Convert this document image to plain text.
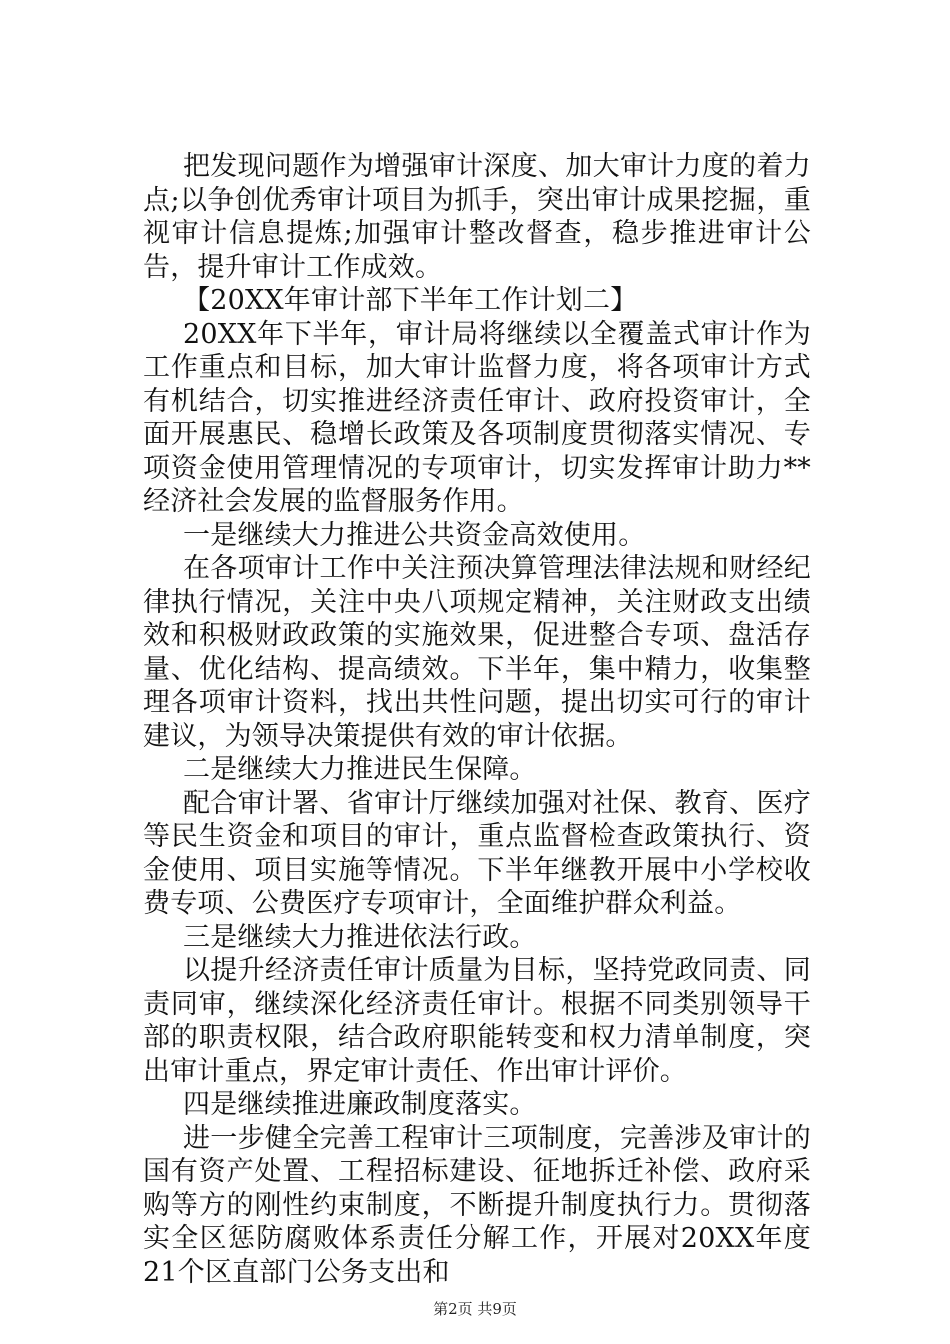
把发现问题作为增强审计深度、加大审计力度的着力点;以争创优秀审计项目为抓手，突出审计成果挖掘，重视审计信息提炼;加强审计整改督查，稳步推进审计公告，提升审计工作成效。

【20XX年审计部下半年工作计划二】

20XX年下半年，审计局将继续以全覆盖式审计作为工作重点和目标，加大审计监督力度，将各项审计方式有机结合，切实推进经济责任审计、政府投资审计，全面开展惠民、稳增长政策及各项制度贯彻落实情况、专项资金使用管理情况的专项审计，切实发挥审计助力**经济社会发展的监督服务作用。

一是继续大力推进公共资金高效使用。

在各项审计工作中关注预决算管理法律法规和财经纪律执行情况，关注中央八项规定精神，关注财政支出绩效和积极财政政策的实施效果，促进整合专项、盘活存量、优化结构、提高绩效。下半年，集中精力，收集整理各项审计资料，找出共性问题，提出切实可行的审计建议，为领导决策提供有效的审计依据。

二是继续大力推进民生保障。

配合审计署、省审计厅继续加强对社保、教育、医疗等民生资金和项目的审计，重点监督检查政策执行、资金使用、项目实施等情况。下半年继教开展中小学校收费专项、公费医疗专项审计，全面维护群众利益。

三是继续大力推进依法行政。

以提升经济责任审计质量为目标，坚持党政同责、同责同审，继续深化经济责任审计。根据不同类别领导干部的职责权限，结合政府职能转变和权力清单制度，突出审计重点，界定审计责任、作出审计评价。

四是继续推进廉政制度落实。

进一步健全完善工程审计三项制度，完善涉及审计的国有资产处置、工程招标建设、征地拆迁补偿、政府采购等方的刚性约束制度，不断提升制度执行力。贯彻落实全区惩防腐败体系责任分解工作，开展对20XX年度21个区直部门公务支出和

第2页 共9页
